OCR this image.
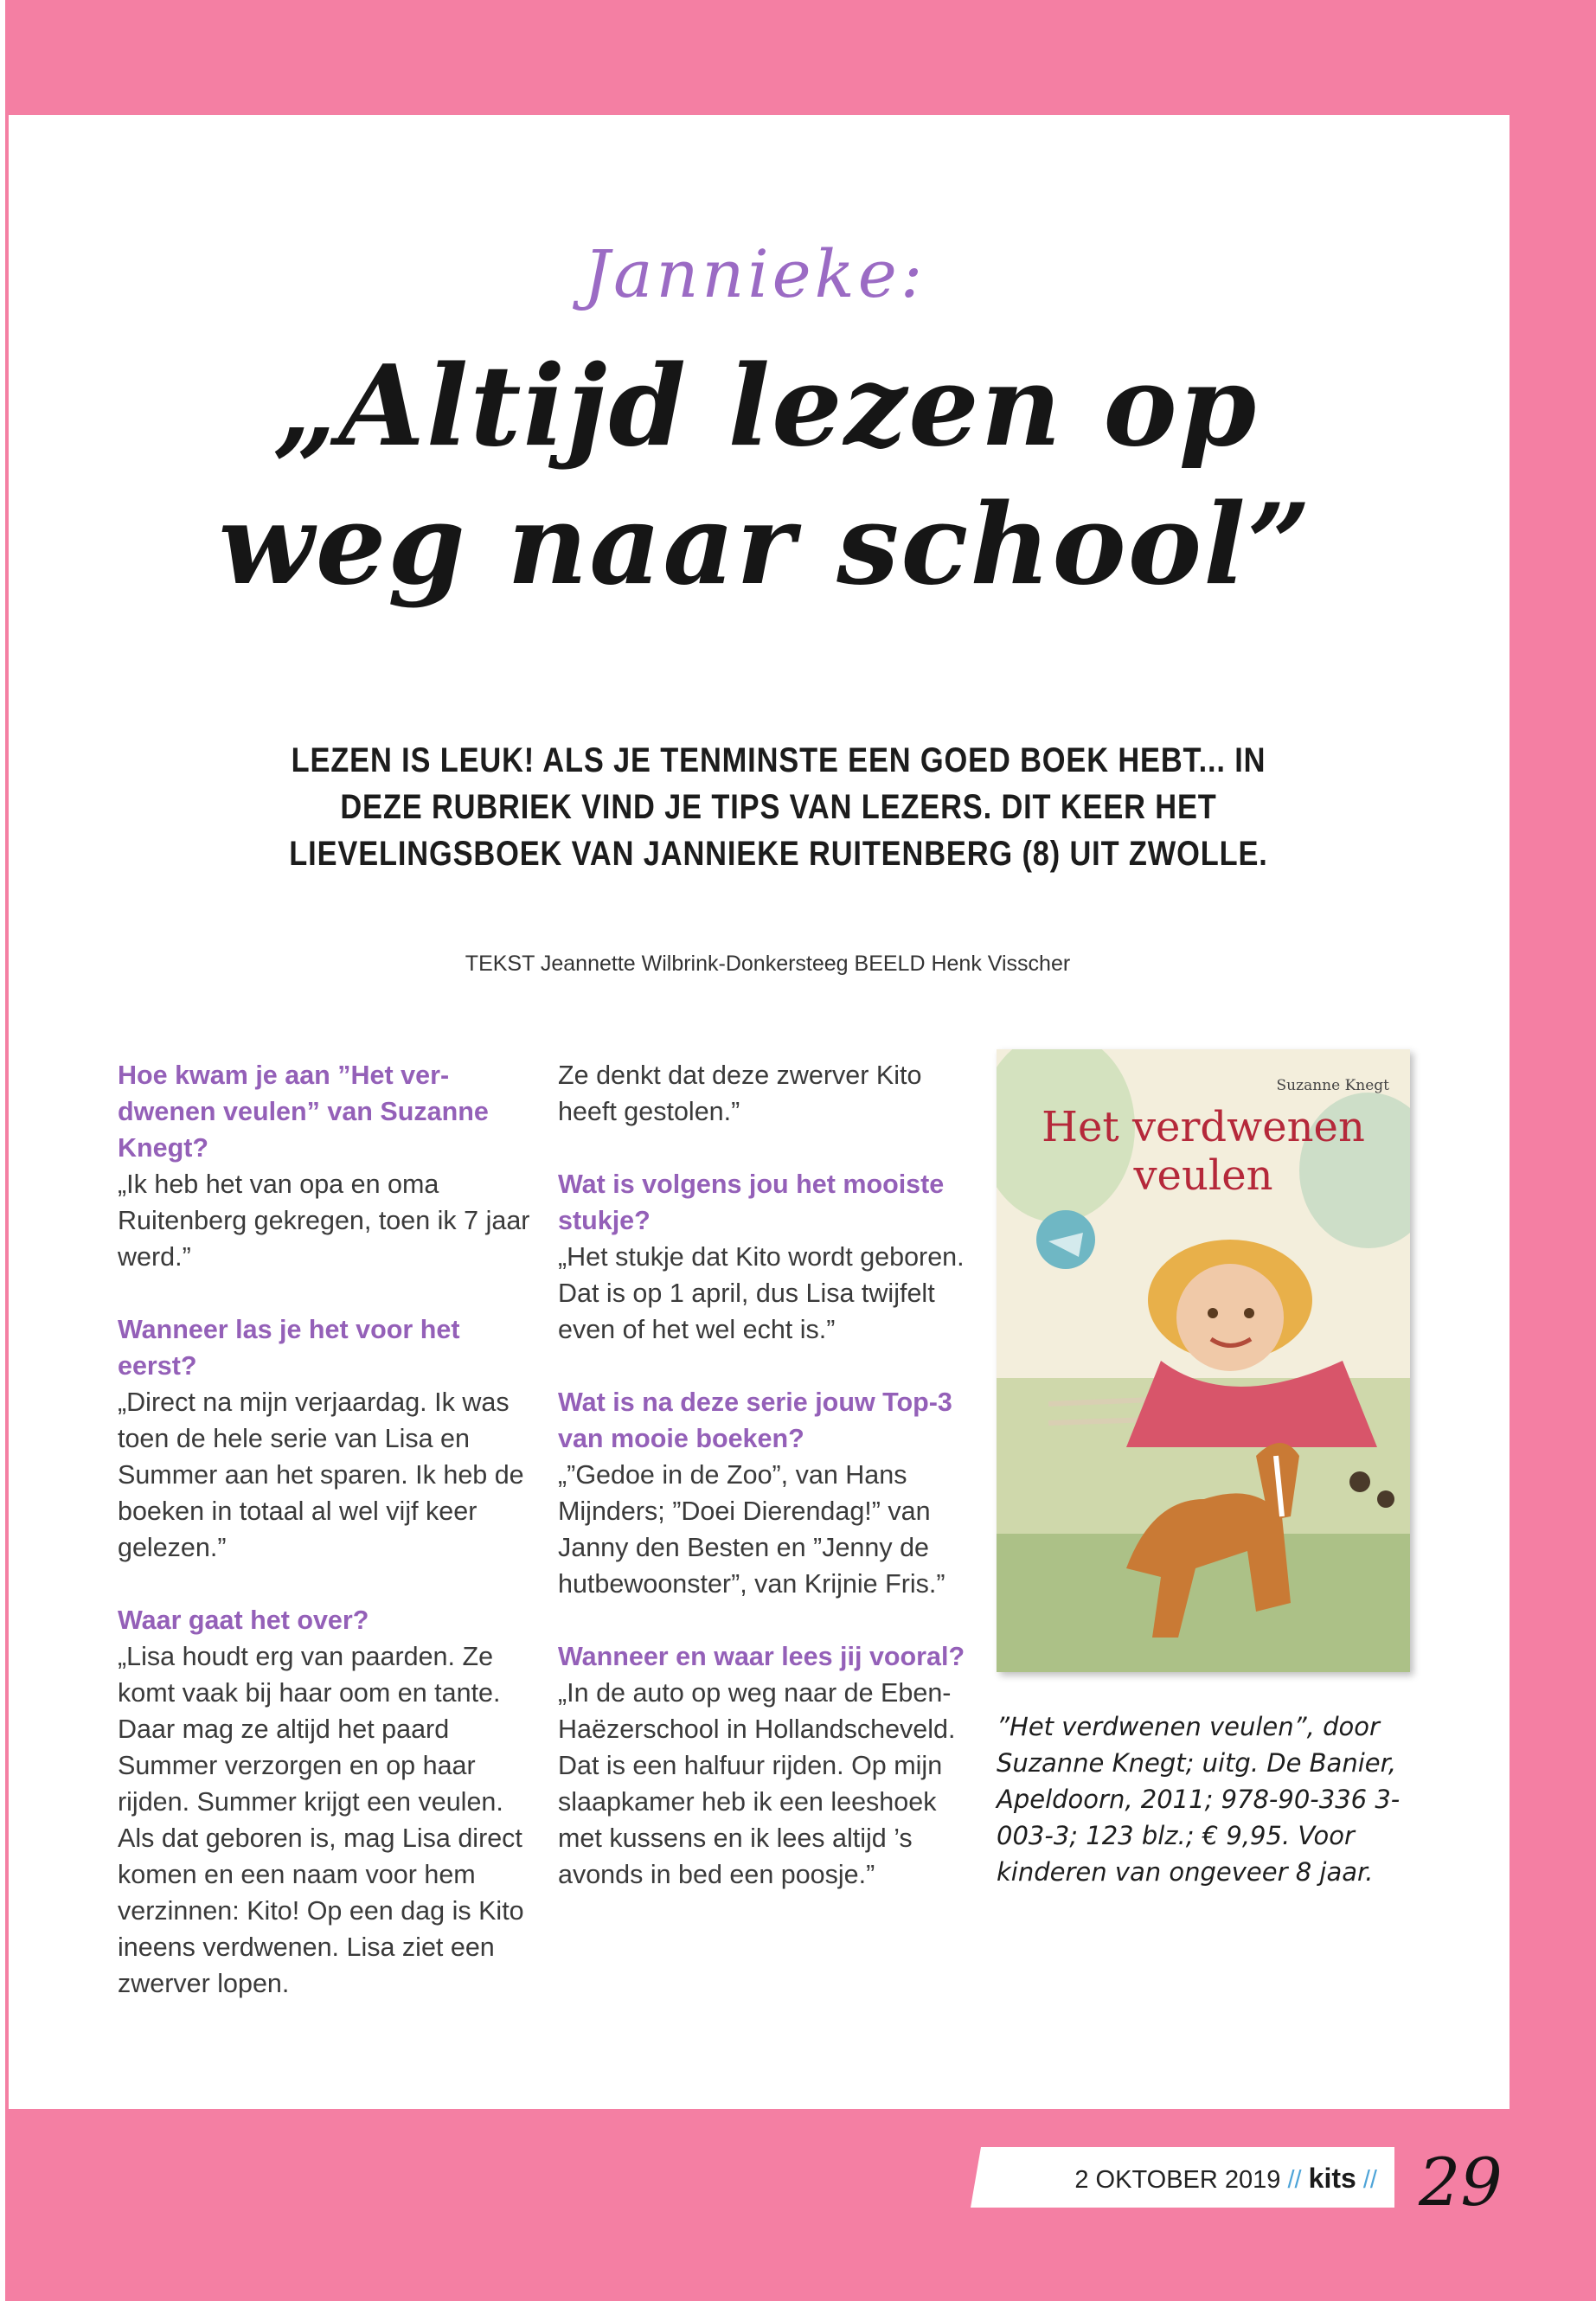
Jannieke:
„Altijd lezen op
weg naar school”
LEZEN IS LEUK! ALS JE TENMINSTE EEN GOED BOEK HEBT... IN DEZE RUBRIEK VIND JE TIPS VAN LEZERS. DIT KEER HET LIEVELINGSBOEK VAN JANNIEKE RUITENBERG (8) UIT ZWOLLE.
TEKST Jeannette Wilbrink-Donkersteeg BEELD Henk Visscher
Hoe kwam je aan ”Het verdwenen veulen” van Suzanne Knegt?
„Ik heb het van opa en oma Ruitenberg gekregen, toen ik 7 jaar werd.”
Wanneer las je het voor het eerst?
„Direct na mijn verjaardag. Ik was toen de hele serie van Lisa en Summer aan het sparen. Ik heb de boeken in totaal al wel vijf keer gelezen.”
Waar gaat het over?
„Lisa houdt erg van paarden. Ze komt vaak bij haar oom en tante. Daar mag ze altijd het paard Summer verzorgen en op haar rijden. Summer krijgt een veulen. Als dat geboren is, mag Lisa direct komen en een naam voor hem verzinnen: Kito! Op een dag is Kito ineens verdwenen. Lisa ziet een zwerver lopen.
Ze denkt dat deze zwerver Kito heeft gestolen.”
Wat is volgens jou het mooiste stukje?
„Het stukje dat Kito wordt geboren. Dat is op 1 april, dus Lisa twijfelt even of het wel echt is.”
Wat is na deze serie jouw Top-3 van mooie boeken?
„”Gedoe in de Zoo”, van Hans Mijnders; ”Doei Dierendag!” van Janny den Besten en ”Jenny de hutbewoonster”, van Krijnie Fris.”
Wanneer en waar lees jij vooral?
„In de auto op weg naar de Eben-Haëzerschool in Hollandscheveld. Dat is een halfuur rijden. Op mijn slaapkamer heb ik een leeshoek met kussens en ik lees altijd ’s avonds in bed een poosje.”
Suzanne Knegt
Het verdwenen veulen
”Het verdwenen veulen”, door Suzanne Knegt; uitg. De Banier, Apeldoorn, 2011; 978-90-336 3-003-3; 123 blz.; € 9,95. Voor kinderen van ongeveer 8 jaar.
2 OKTOBER 2019 // kits // 29
